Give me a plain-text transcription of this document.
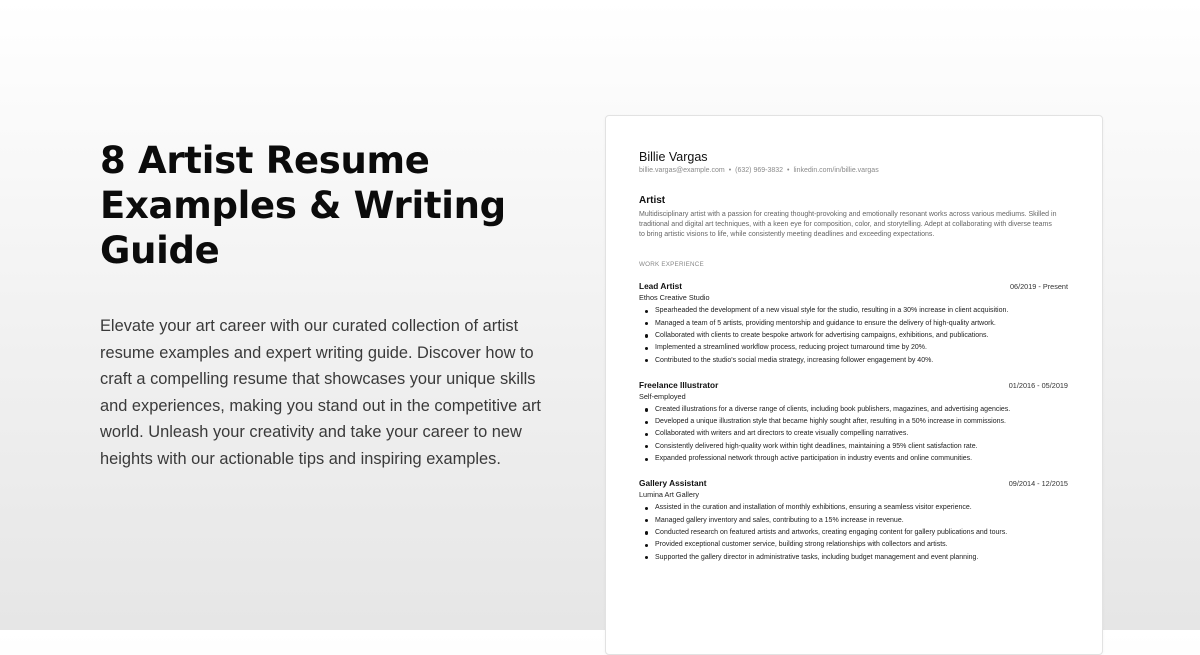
8 Artist Resume Examples & Writing Guide

Elevate your art career with our curated collection of artist resume examples and expert writing guide. Discover how to craft a compelling resume that showcases your unique skills and experiences, making you stand out in the competitive art world. Unleash your creativity and take your career to new heights with our actionable tips and inspiring examples.

Billie Vargas
billie.vargas@example.com • (632) 969-3832 • linkedin.com/in/billie.vargas
Artist
Multidisciplinary artist with a passion for creating thought-provoking and emotionally resonant works across various mediums. Skilled in traditional and digital art techniques, with a keen eye for composition, color, and storytelling. Adept at collaborating with diverse teams to bring artistic visions to life, while consistently meeting deadlines and exceeding expectations.
WORK EXPERIENCE
Lead Artist	06/2019 - Present
Ethos Creative Studio
Spearheaded the development of a new visual style for the studio, resulting in a 30% increase in client acquisition.
Managed a team of 5 artists, providing mentorship and guidance to ensure the delivery of high-quality artwork.
Collaborated with clients to create bespoke artwork for advertising campaigns, exhibitions, and publications.
Implemented a streamlined workflow process, reducing project turnaround time by 20%.
Contributed to the studio's social media strategy, increasing follower engagement by 40%.
Freelance Illustrator	01/2016 - 05/2019
Self-employed
Created illustrations for a diverse range of clients, including book publishers, magazines, and advertising agencies.
Developed a unique illustration style that became highly sought after, resulting in a 50% increase in commissions.
Collaborated with writers and art directors to create visually compelling narratives.
Consistently delivered high-quality work within tight deadlines, maintaining a 95% client satisfaction rate.
Expanded professional network through active participation in industry events and online communities.
Gallery Assistant	09/2014 - 12/2015
Lumina Art Gallery
Assisted in the curation and installation of monthly exhibitions, ensuring a seamless visitor experience.
Managed gallery inventory and sales, contributing to a 15% increase in revenue.
Conducted research on featured artists and artworks, creating engaging content for gallery publications and tours.
Provided exceptional customer service, building strong relationships with collectors and artists.
Supported the gallery director in administrative tasks, including budget management and event planning.
